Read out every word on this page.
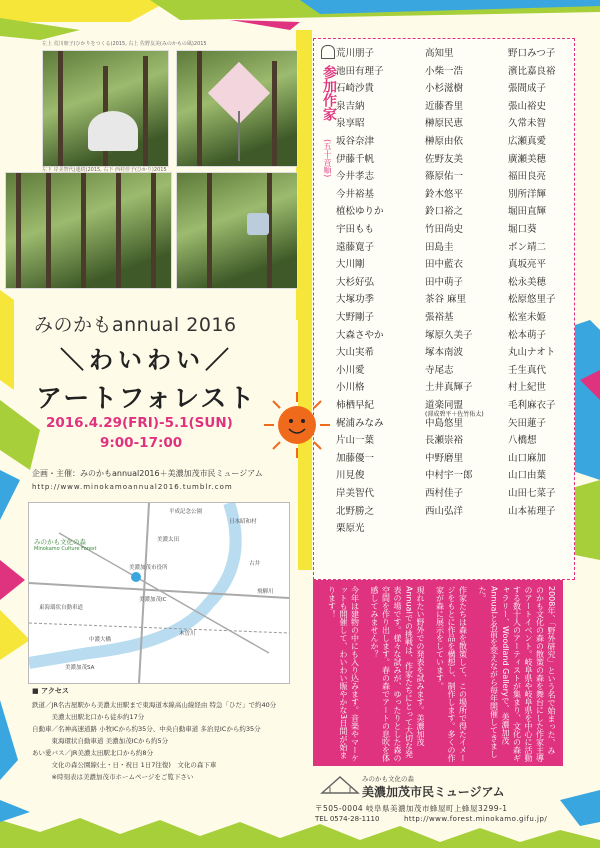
左上 荒川朋子(ひかりをつくる)2015, 右上 佐野友美(みのかもの風)2015
左下 岸美智代(連続)2015, 右下 西村佳子(ひかり)2015
参加作家
(五十音順)
荒川朋子
池田有理子
石崎沙貴
泉吉納
泉享昭
坂谷奈津
伊藤千帆
今井孝志
今井裕基
植松ゆりか
宇田もも
遠藤寛子
大川剛
大杉好弘
大塚功季
大野剛子
大森さやか
大山実希
小川愛
小川格
柿栖早紀
梶浦みなみ
片山一葉
加藤優一
川見俊
岸美智代
北野勝之
栗原光
高知里
小柴一浩
小杉滋樹
近藤香里
榊原民恵
榊原由依
佐野友美
篠原佑一
鈴木悠平
鈴口裕之
竹田尚史
田島圭
田中藍衣
田中萌子
茶谷 麻里
張裕基
塚原久美子
塚本南波
寺尾志
土井真輝子
道楽同盟
(渾成碧平＋佐竹佑太)
中島悠里
長瀬崇裕
中野磨里
中村宇一郎
西村佳子
西山弘洋
野口みつ子
濱比嘉良裕
張間成子
張山裕史
久常未智
広瀬真愛
廣瀬美穂
福田良亮
別所洋輝
堀田直輝
堀口葵
ボン靖二
真坂亮平
松永美穂
松原悠里子
松室未姫
松本萌子
丸山ナオト
壬生真代
村上紀世
毛利麻衣子
矢田蓮子
八橋想
山口麻加
山口由葉
山田七菜子
山本祐理子
みのかもannual 2016
＼わいわい／
アートフォレスト
2016.4.29(FRI)-5.1(SUN)
9:00-17:00
企画・主催：みのかもannual2016＋美濃加茂市民ミュージアム
http://www.minokamoannual2016.tumblr.com
みのかも文化の森
Minokamo Culture Forest
平成記念公園
日本昭和村
美濃太田
美濃加茂市役所
古井
美濃加茂IC
東海環状自動車道
木曽川
中濃大橋
飛騨川
美濃加茂SA
■ アクセス
鉄道／JR名古屋駅から美濃太田駅まで東海道本線高山線経由 特急「ひだ」で約40分
　　　美濃太田駅北口から徒歩約17分
自動車／名神高速道路 小牧ICから約35分、中央自動車道 多治見ICから約35分
　　　東海環状自動車道 美濃加茂ICから約5分
あい愛バス／JR美濃太田駅北口から約8分
　　　文化の森公園線(土・日・祝日 1日7往復)　文化の森下車
　　　※時刻表は美濃加茂市ホームページをご覧下さい
2008年、「野外研究」という名で始まった、みのかも文化の森の散策の森を舞台にした作家主導のアートイベント。岐阜県や岐阜県を中心に活動する数十人のアーティストが集まり、文化の森ギャラリー、Woodland Galleryで、美濃加茂Annualと名前を変えながら毎年開催してきました。
作家たちは森を散策して、この場所で得たイメージをもとに作品を構想し、制作します。多くの作家が森に展示をしています。
現れたい野外での発表を試みます。美濃加茂Annualでの挑戦は、作家たちにとって大切な発表の場です。様々な試みが、ゆったりとした森の空間を作り出します。春の森でアートの息吹を体感してみませんか？
今年は建物の中にも入り込みます。音楽やマーケットも開催して、わいわい賑やかな3日間が始まります！
みのかも文化の森
美濃加茂市民ミュージアム
〒505-0004 岐阜県美濃加茂市蜂屋町上蜂屋3299-1
TEL 0574-28-1110	http://www.forest.minokamo.gifu.jp/
